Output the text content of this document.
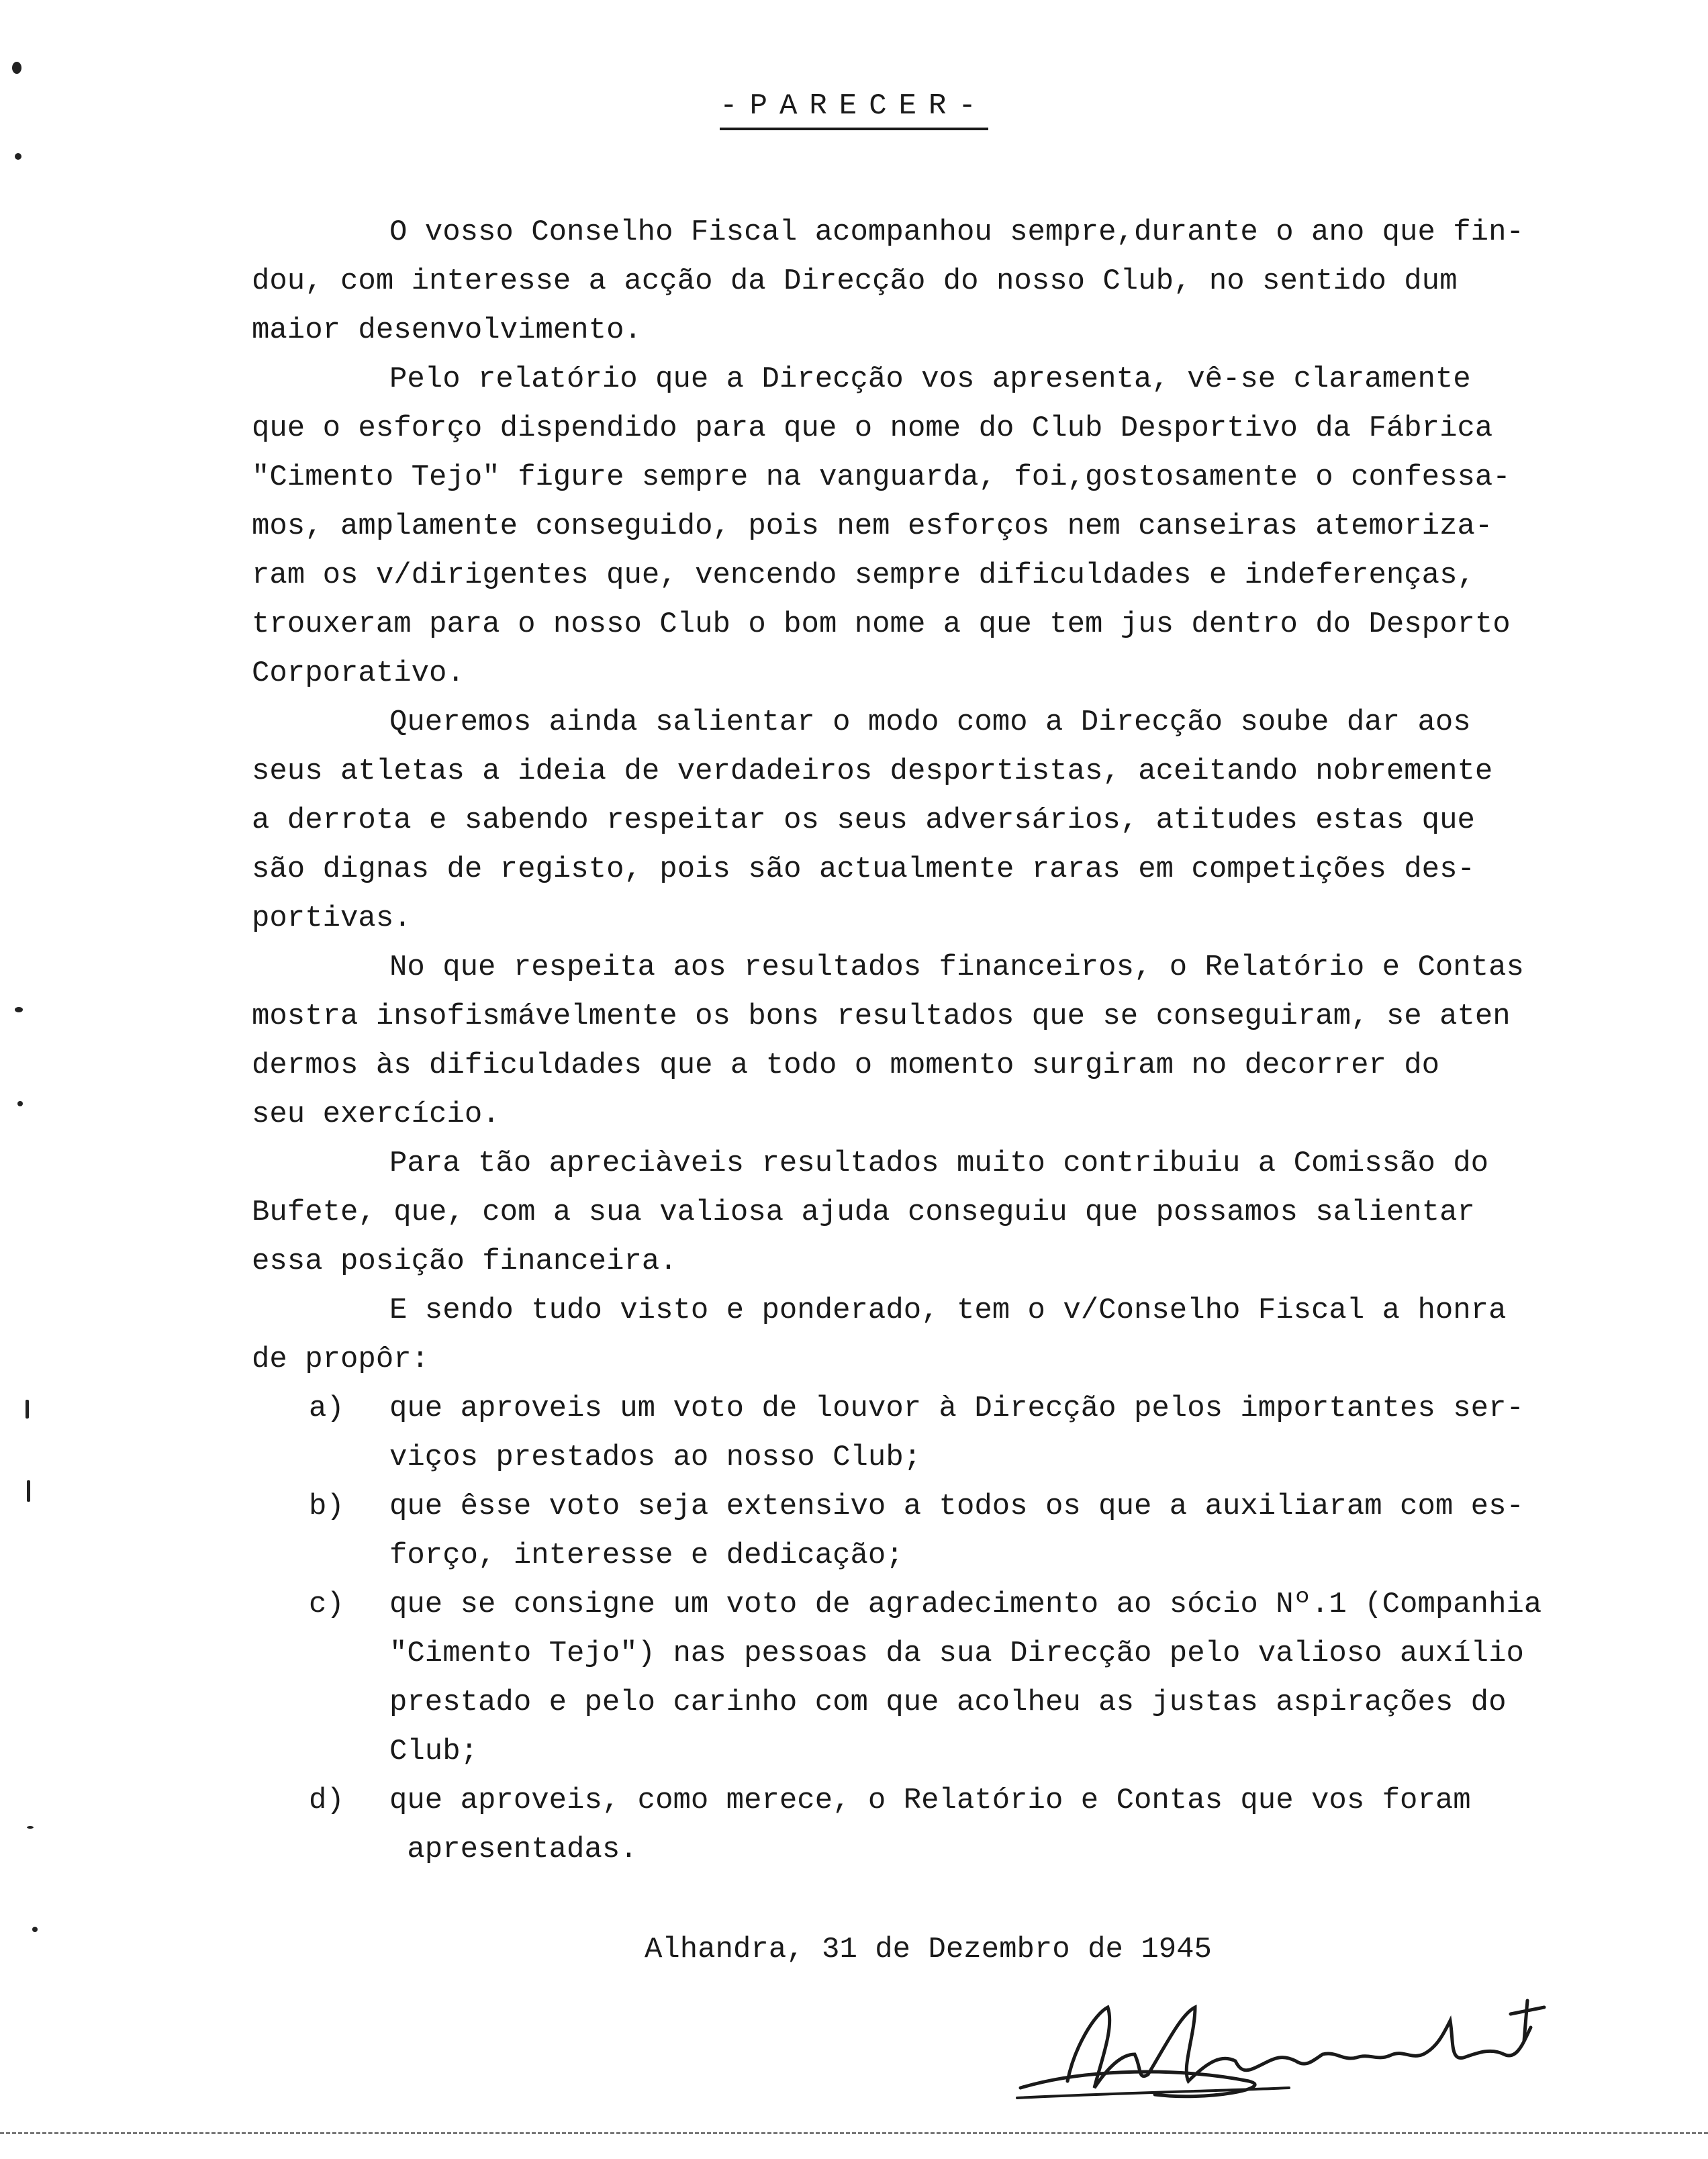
-PARECER-
O vosso Conselho Fiscal acompanhou sempre,durante o ano que fin-
dou, com interesse a acção da Direcção do nosso Club, no sentido dum
maior desenvolvimento.
Pelo relatório que a Direcção vos apresenta, vê-se claramente
que o esforço dispendido para que o nome do Club Desportivo da Fábrica
"Cimento Tejo" figure sempre na vanguarda, foi,gostosamente o confessa-
mos, amplamente conseguido, pois nem esforços nem canseiras atemoriza-
ram os v/dirigentes que, vencendo sempre dificuldades e indeferenças,
trouxeram para o nosso Club o bom nome a que tem jus dentro do Desporto
Corporativo.
Queremos ainda salientar o modo como a Direcção soube dar aos
seus atletas a ideia de verdadeiros desportistas, aceitando nobremente
a derrota e sabendo respeitar os seus adversários, atitudes estas que
são dignas de registo, pois são actualmente raras em competições des-
portivas.
No que respeita aos resultados financeiros, o Relatório e Contas
mostra insofismávelmente os bons resultados que se conseguiram, se aten
dermos às dificuldades que a todo o momento surgiram no decorrer do
seu exercício.
Para tão apreciàveis resultados muito contribuiu a Comissão do
Bufete, que, com a sua valiosa ajuda conseguiu que possamos salientar
essa posição financeira.
E sendo tudo visto e ponderado, tem o v/Conselho Fiscal a honra
de propôr:
a) que aproveis um voto de louvor à Direcção pelos importantes ser-
viços prestados ao nosso Club;
b) que êsse voto seja extensivo a todos os que a auxiliaram com es-
forço, interesse e dedicação;
c) que se consigne um voto de agradecimento ao sócio Nº.1 (Companhia
"Cimento Tejo") nas pessoas da sua Direcção pelo valioso auxílio
prestado e pelo carinho com que acolheu as justas aspirações do
Club;
d) que aproveis, como merece, o Relatório e Contas que vos foram
apresentadas.
Alhandra, 31 de Dezembro de 1945
